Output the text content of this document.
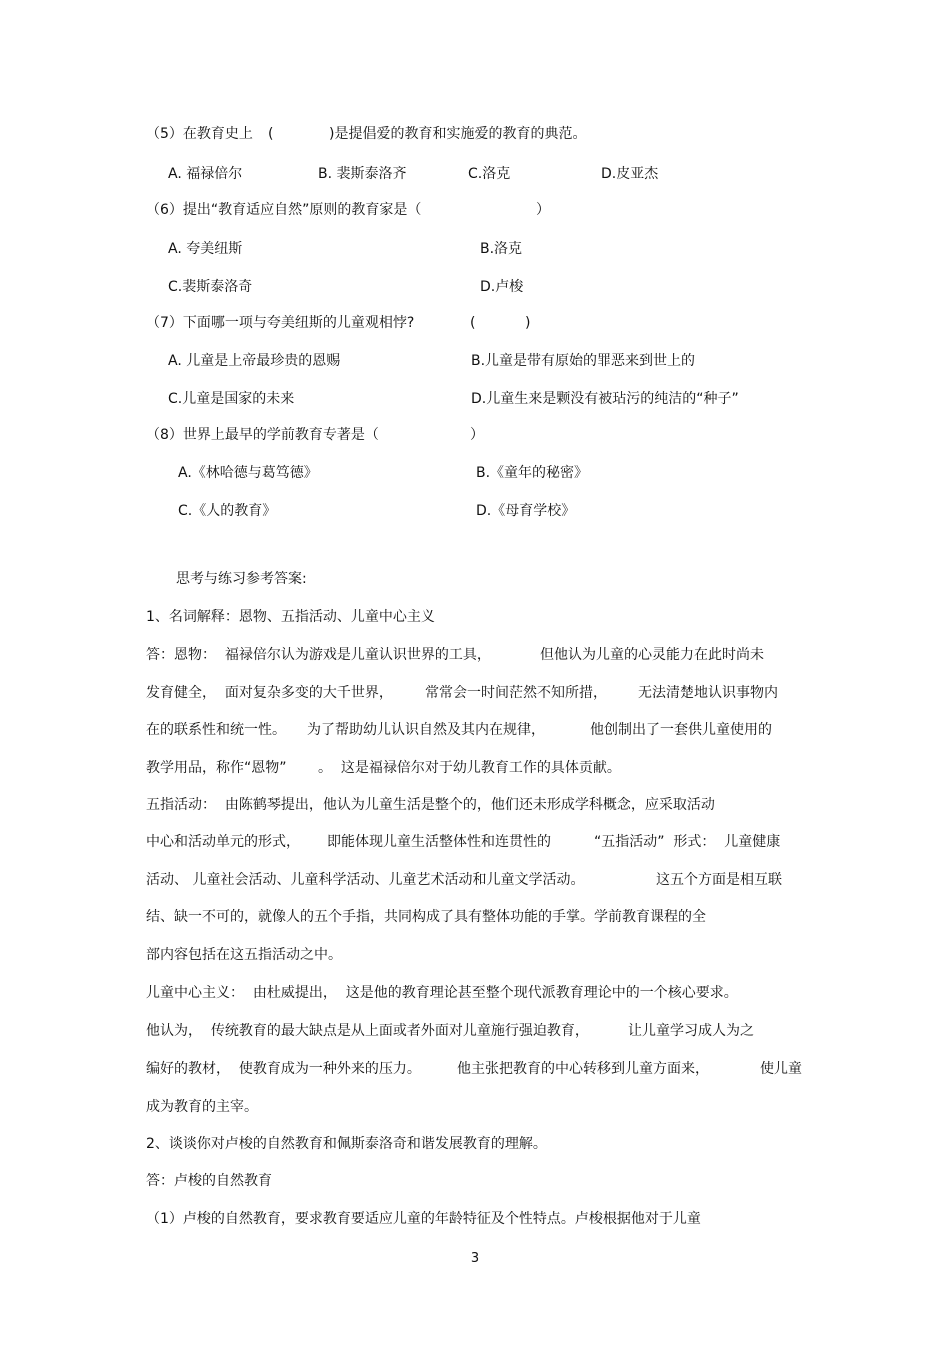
（5）在教育史上 (	)是提倡爱的教育和实施爱的教育的典范。
A. 福禄倍尔	B. 裴斯泰洛齐	C.洛克	D.皮亚杰
（6）提出“教育适应自然”原则的教育家是（	）
A. 夸美纽斯	B.洛克
C.裴斯泰洛奇	D.卢梭
（7）下面哪一项与夸美纽斯的儿童观相悖?	(	)
A. 儿童是上帝最珍贵的恩赐	B.儿童是带有原始的罪恶来到世上的
C.儿童是国家的未来	D.儿童生来是颗没有被玷污的纯洁的“种子”
（8）世界上最早的学前教育专著是（	）
A.《林哈德与葛笃德》	B.《童年的秘密》
C.《人的教育》	D.《母育学校》
思考与练习参考答案:
1、名词解释：恩物、五指活动、儿童中心主义
答：恩物：  福禄倍尔认为游戏是儿童认识世界的工具，	但他认为儿童的心灵能力在此时尚未
发育健全，  面对复杂多变的大千世界， 常常会一时间茫然不知所措， 无法清楚地认识事物内
在的联系性和统一性。 为了帮助幼儿认识自然及其内在规律，	他创制出了一套供儿童使用的
教学用品，称作“恩物” 。  这是福禄倍尔对于幼儿教育工作的具体贡献。
五指活动：  由陈鹤琴提出，他认为儿童生活是整个的，他们还未形成学科概念，应采取活动
中心和活动单元的形式， 即能体现儿童生活整体性和连贯性的	“五指活动”  形式：  儿童健康
活动、 儿童社会活动、儿童科学活动、儿童艺术活动和儿童文学活动。	这五个方面是相互联
结、缺一不可的，就像人的五个手指，共同构成了具有整体功能的手掌。学前教育课程的全
部内容包括在这五指活动之中。
儿童中心主义：  由杜威提出，  这是他的教育理论甚至整个现代派教育理论中的一个核心要求。
他认为，  传统教育的最大缺点是从上面或者外面对儿童施行强迫教育，	让儿童学习成人为之
编好的教材，  使教育成为一种外来的压力。	他主张把教育的中心转移到儿童方面来，	使儿童
成为教育的主宰。
2、谈谈你对卢梭的自然教育和佩斯泰洛奇和谐发展教育的理解。
答：卢梭的自然教育
（1）卢梭的自然教育，要求教育要适应儿童的年龄特征及个性特点。卢梭根据他对于儿童
3
